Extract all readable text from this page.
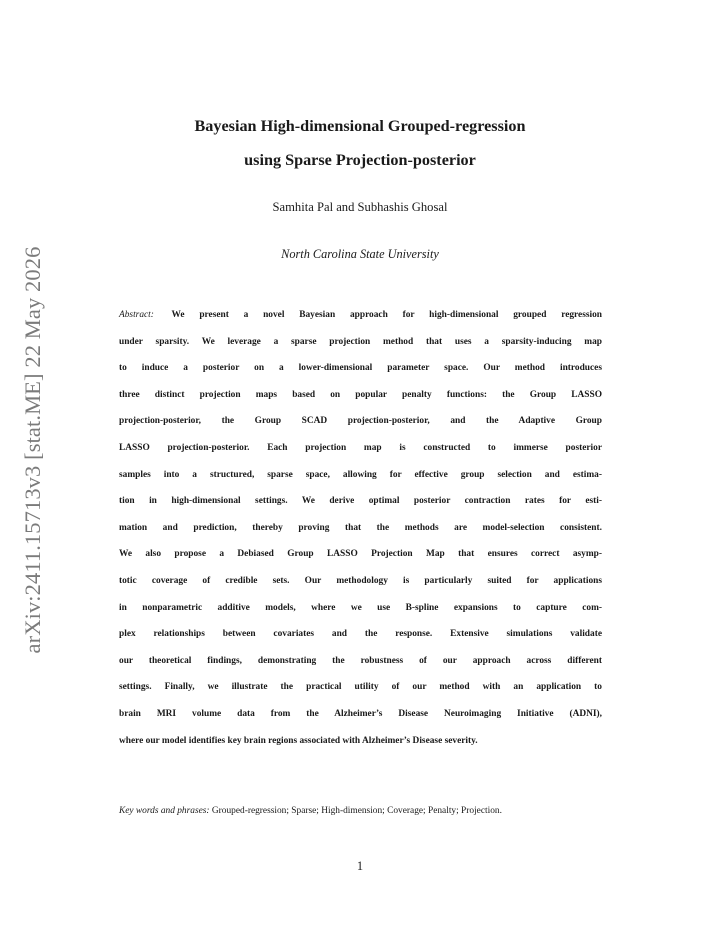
arXiv:2411.15713v3 [stat.ME] 22 May 2026
Bayesian High-dimensional Grouped-regression
using Sparse Projection-posterior
Samhita Pal and Subhashis Ghosal
North Carolina State University
Abstract: We present a novel Bayesian approach for high-dimensional grouped regression
under sparsity. We leverage a sparse projection method that uses a sparsity-inducing map
to induce a posterior on a lower-dimensional parameter space. Our method introduces
three distinct projection maps based on popular penalty functions: the Group LASSO
projection-posterior, the Group SCAD projection-posterior, and the Adaptive Group
LASSO projection-posterior. Each projection map is constructed to immerse posterior
samples into a structured, sparse space, allowing for effective group selection and estima-
tion in high-dimensional settings. We derive optimal posterior contraction rates for esti-
mation and prediction, thereby proving that the methods are model-selection consistent.
We also propose a Debiased Group LASSO Projection Map that ensures correct asymp-
totic coverage of credible sets. Our methodology is particularly suited for applications
in nonparametric additive models, where we use B-spline expansions to capture com-
plex relationships between covariates and the response. Extensive simulations validate
our theoretical findings, demonstrating the robustness of our approach across different
settings. Finally, we illustrate the practical utility of our method with an application to
brain MRI volume data from the Alzheimer’s Disease Neuroimaging Initiative (ADNI),
where our model identifies key brain regions associated with Alzheimer’s Disease severity.
Key words and phrases: Grouped-regression; Sparse; High-dimension; Coverage; Penalty; Projection.
1
